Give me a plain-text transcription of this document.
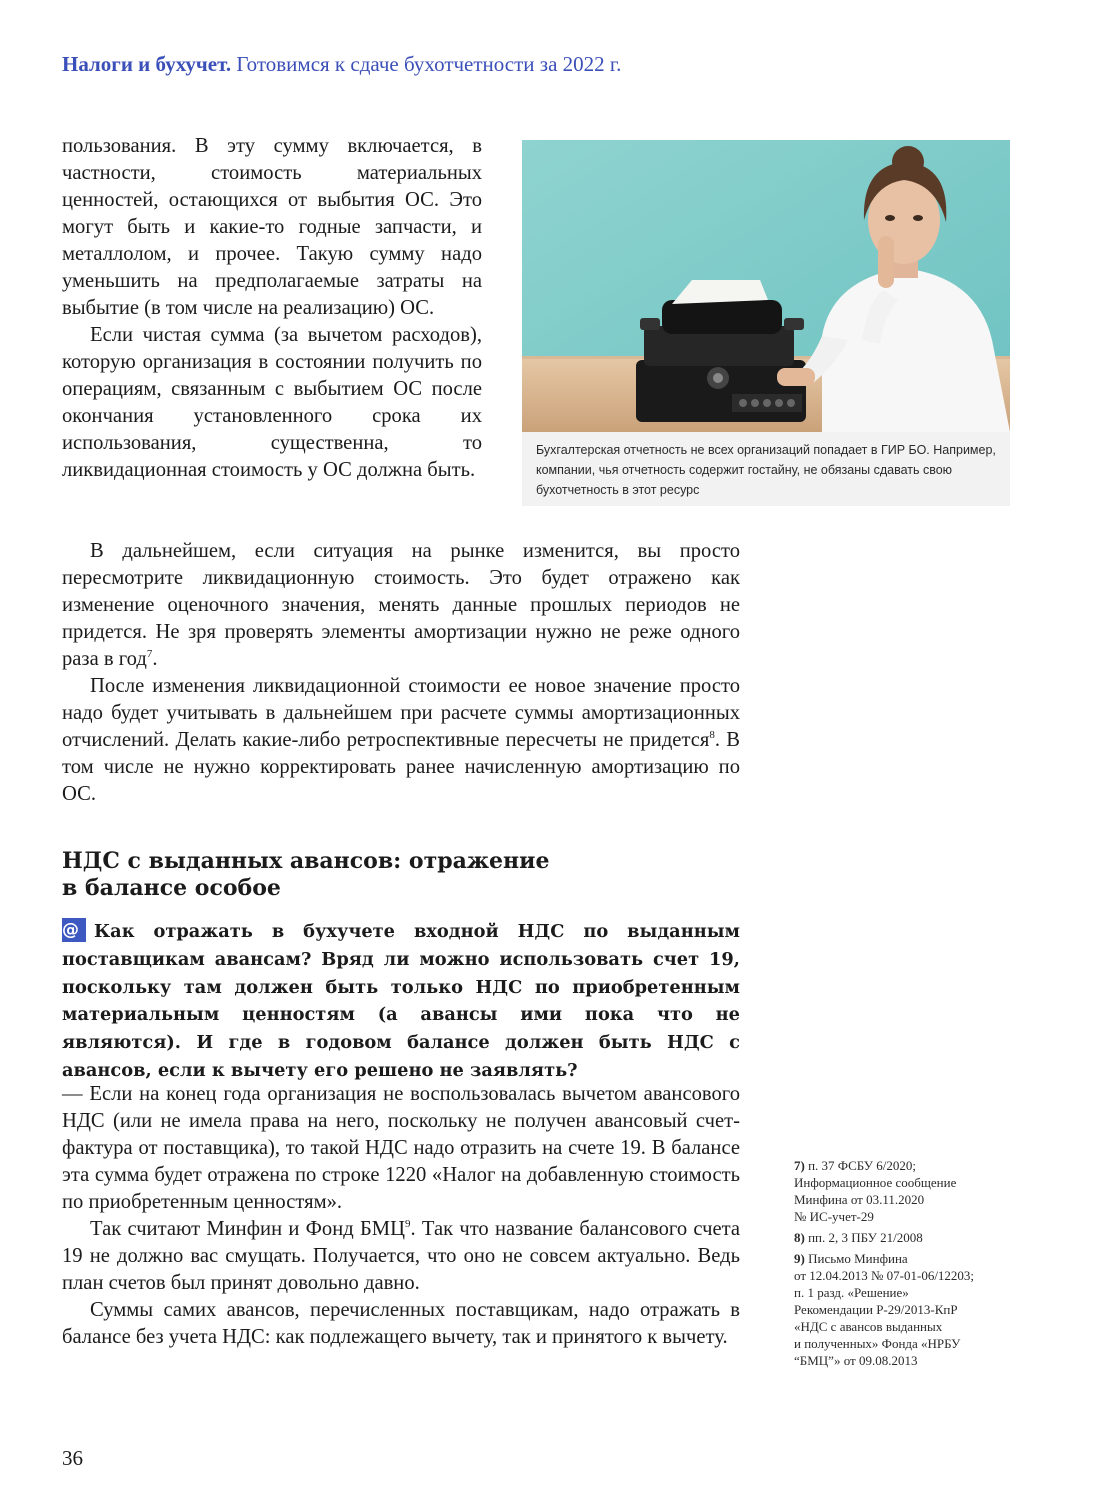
Налоги и бухучет. Готовимся к сдаче бухотчетности за 2022 г.

пользования. В эту сумму включается, в частности, стоимость материальных ценностей, остающихся от выбытия ОС. Это могут быть и какие-то годные запчасти, и металлолом, и прочее. Такую сумму надо уменьшить на предполагаемые затраты на выбытие (в том числе на реализацию) ОС.

Если чистая сумма (за вычетом расходов), которую организация в состоянии получить по операциям, связанным с выбытием ОС после окончания установленного срока их использования, существенна, то ликвидационная стоимость у ОС должна быть.

Бухгалтерская отчетность не всех организаций попадает в ГИР БО. Например,

компании, чья отчетность содержит гостайну, не обязаны сдавать свою

бухотчетность в этот ресурс

В дальнейшем, если ситуация на рынке изменится, вы просто пересмотрите ликвидационную стоимость. Это будет отражено как изменение оценочного значения, менять данные прошлых периодов не придется. Не зря проверять элементы амортизации нужно не реже одного раза в год$^7$.

После изменения ликвидационной стоимости ее новое значение просто надо будет учитывать в дальнейшем при расчете суммы амортизационных отчислений. Делать какие-либо ретроспективные пересчеты не придется$^8$. В том числе не нужно корректировать ранее начисленную амортизацию по ОС.

НДС с выданных авансов: отражение
в балансе особое

@ Как отражать в бухучете входной НДС по выданным поставщикам авансам? Вряд ли можно использовать счет 19, поскольку там должен быть только НДС по приобретенным материальным ценностям (а авансы ими пока что не являются). И где в годовом балансе должен быть НДС с авансов, если к вычету его решено не заявлять?

— Если на конец года организация не воспользовалась вычетом авансового НДС (или не имела права на него, поскольку не получен авансовый счет-фактура от поставщика), то такой НДС надо отразить на счете 19. В балансе эта сумма будет отражена по строке 1220 «Налог на добавленную стоимость по приобретенным ценностям».

Так считают Минфин и Фонд БМЦ$^9$. Так что название балансового счета 19 не должно вас смущать. Получается, что оно не совсем актуально. Ведь план счетов был принят довольно давно.

Суммы самих авансов, перечисленных поставщикам, надо отражать в балансе без учета НДС: как подлежащего вычету, так и принятого к вычету.

7) п. 37 ФСБУ 6/2020;
Информационное сообщение
Минфина от 03.11.2020
№ ИС-учет-29

8) пп. 2, 3 ПБУ 21/2008

9) Письмо Минфина
от 12.04.2013 № 07-01-06/12203;
п. 1 разд. «Решение»
Рекомендации Р-29/2013-КпР
«НДС с авансов выданных
и полученных» Фонда «НРБУ
“БМЦ”» от 09.08.2013

36
